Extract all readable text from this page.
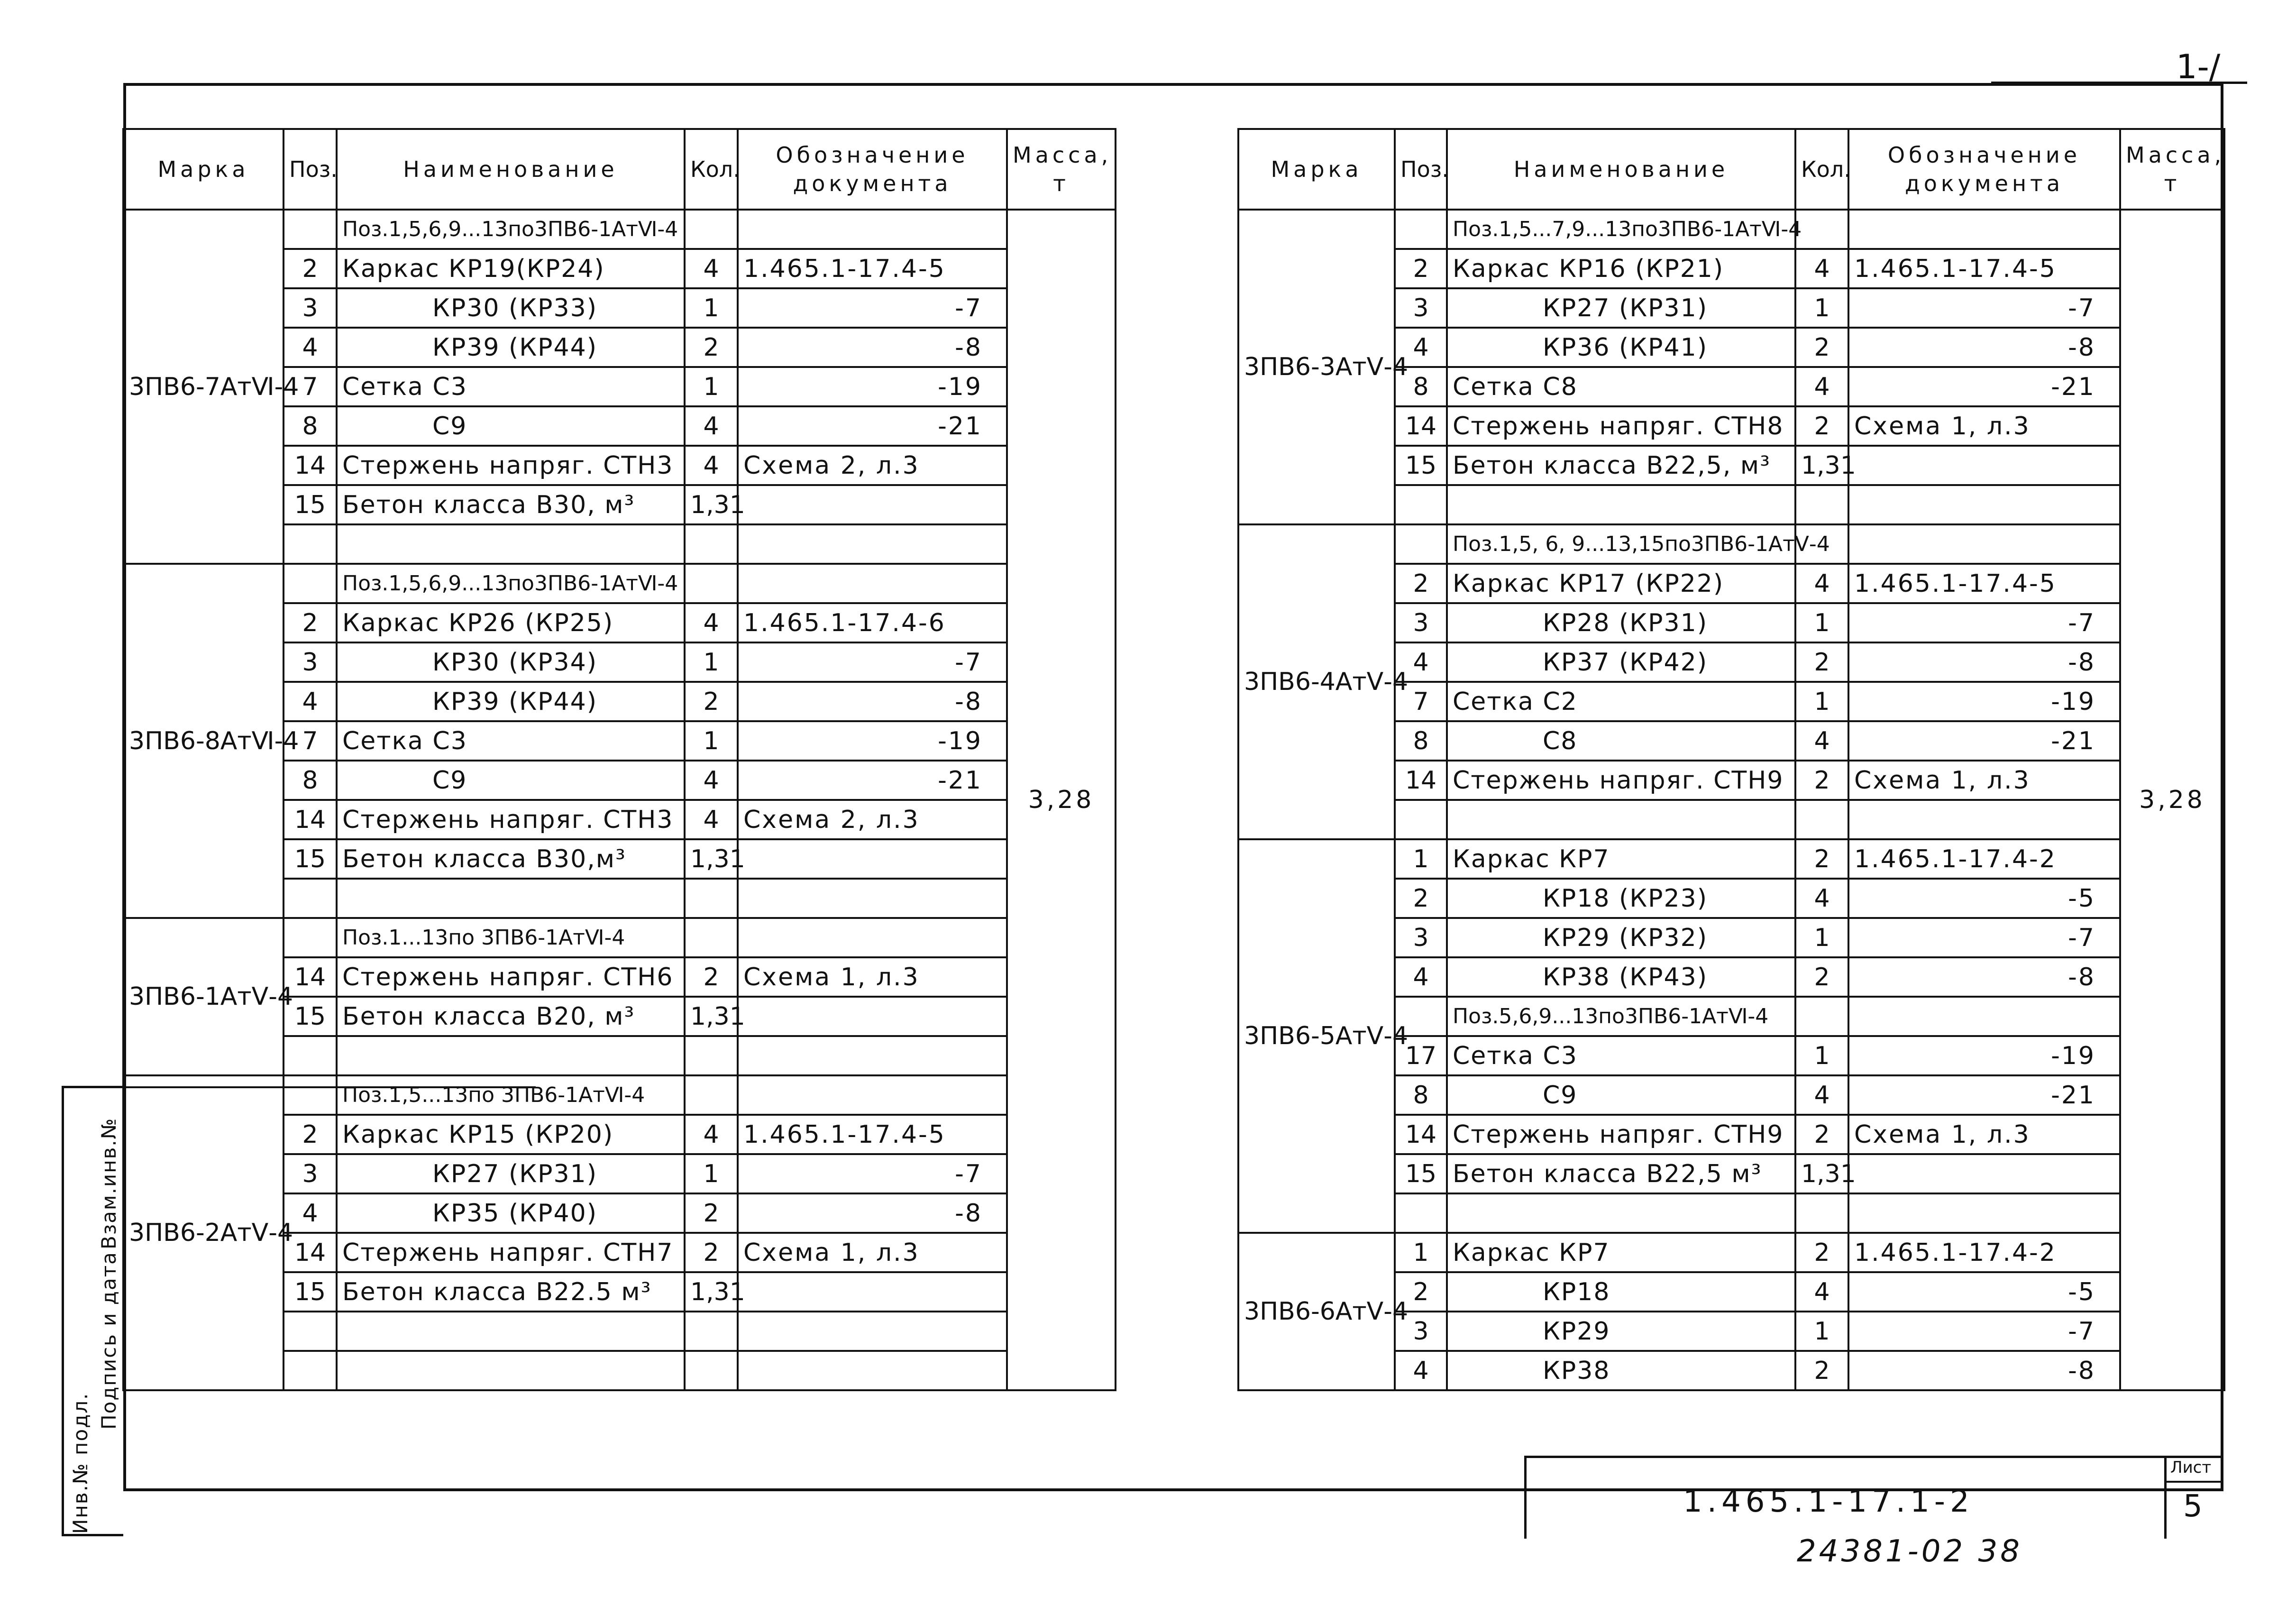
1-/
Инв.№ подл.
Подпись и дата
Взам.инв.№
Марка	Поз.	Наименование	Кол.	Обозначение документа	Масса, т
3ПВ6-7АтⅥ-4		Поз.1,5,6,9...13по3ПВ6-1АтⅥ-4			3,28
	2	Каркас КР19(КР24)	4	1.465.1-17.4-5	
	3	КР30 (КР33)	1	-7	
	4	КР39 (КР44)	2	-8	
	7	Сетка С3	1	-19	
	8	С9	4	-21	
	14	Стержень напряг. СТН3	4	Схема 2, л.3	
	15	Бетон класса В30, м³	1,31		

3ПВ6-8АтⅥ-4		Поз.1,5,6,9...13по3ПВ6-1АтⅥ-4			
	2	Каркас КР26 (КР25)	4	1.465.1-17.4-6	
	3	КР30 (КР34)	1	-7	
	4	КР39 (КР44)	2	-8	
	7	Сетка С3	1	-19	
	8	С9	4	-21	
	14	Стержень напряг. СТН3	4	Схема 2, л.3	
	15	Бетон класса В30,м³	1,31		

3ПВ6-1АтⅤ-4		Поз.1...13по 3ПВ6-1АтⅥ-4			
	14	Стержень напряг. СТН6	2	Схема 1, л.3	
	15	Бетон класса В20, м³	1,31		

3ПВ6-2АтⅤ-4		Поз.1,5...13по 3ПВ6-1АтⅥ-4			
	2	Каркас КР15 (КР20)	4	1.465.1-17.4-5	
	3	КР27 (КР31)	1	-7	
	4	КР35 (КР40)	2	-8	
	14	Стержень напряг. СТН7	2	Схема 1, л.3	
	15	Бетон класса В22.5 м³	1,31		

Марка	Поз.	Наименование	Кол.	Обозначение документа	Масса, т
3ПВ6-3АтⅤ-4		Поз.1,5...7,9...13по3ПВ6-1АтⅥ-4			3,28
	2	Каркас КР16 (КР21)	4	1.465.1-17.4-5	
	3	КР27 (КР31)	1	-7	
	4	КР36 (КР41)	2	-8	
	8	Сетка С8	4	-21	
	14	Стержень напряг. СТН8	2	Схема 1, л.3	
	15	Бетон класса В22,5, м³	1,31		

3ПВ6-4АтⅤ-4		Поз.1,5, 6, 9...13,15по3ПВ6-1АтⅤ-4			
	2	Каркас КР17 (КР22)	4	1.465.1-17.4-5	
	3	КР28 (КР31)	1	-7	
	4	КР37 (КР42)	2	-8	
	7	Сетка С2	1	-19	
	8	С8	4	-21	
	14	Стержень напряг. СТН9	2	Схема 1, л.3	

3ПВ6-5АтⅤ-4	1	Каркас КР7	2	1.465.1-17.4-2	
	2	КР18 (КР23)	4	-5	
	3	КР29 (КР32)	1	-7	
	4	КР38 (КР43)	2	-8	
		Поз.5,6,9...13по3ПВ6-1АтⅥ-4			
	17	Сетка С3	1	-19	
	8	С9	4	-21	
	14	Стержень напряг. СТН9	2	Схема 1, л.3	
	15	Бетон класса В22,5 м³	1,31		

3ПВ6-6АтⅤ-4	1	Каркас КР7	2	1.465.1-17.4-2	
	2	КР18	4	-5	
	3	КР29	1	-7	
	4	КР38	2	-8	
1.465.1-17.1-2
Лист
5
24381-02 38
